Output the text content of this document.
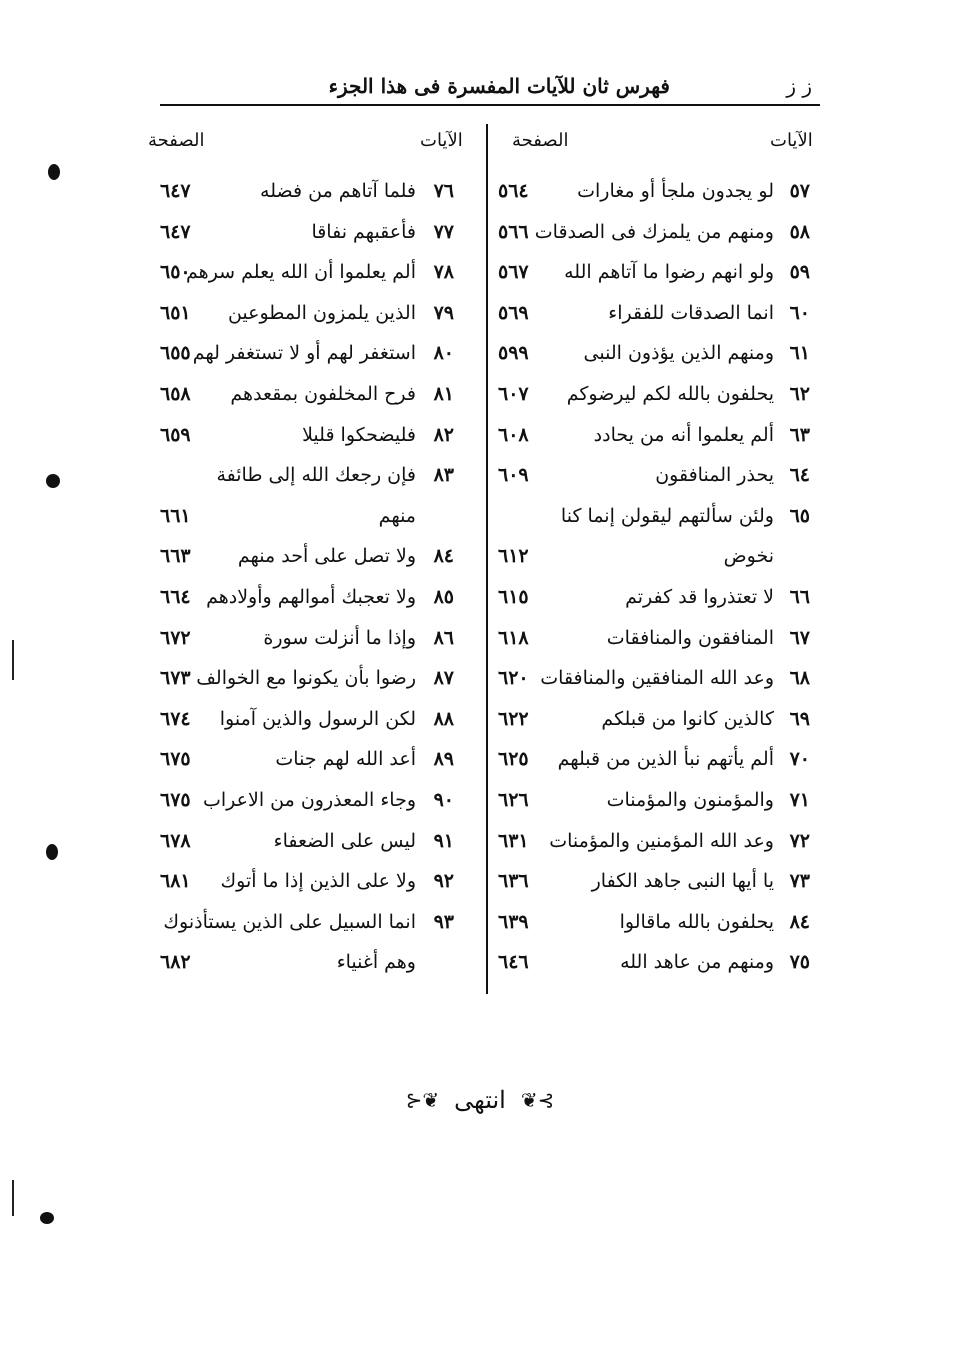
ز ز
فهرس ثان للآيات المفسرة فى هذا الجزء
الآيات
الصفحة
الآيات
الصفحة
٥٧
لو يجدون ملجأ أو مغارات
٥٦٤
٥٨
ومنهم من يلمزك فى الصدقات
٥٦٦
٥٩
ولو انهم رضوا ما آتاهم الله
٥٦٧
٦٠
انما الصدقات للفقراء
٥٦٩
٦١
ومنهم الذين يؤذون النبى
٥٩٩
٦٢
يحلفون بالله لكم ليرضوكم
٦٠٧
٦٣
ألم يعلموا أنه من يحادد
٦٠٨
٦٤
يحذر المنافقون
٦٠٩
٦٥
ولئن سألتهم ليقولن إنما كنا
نخوض
٦١٢
٦٦
لا تعتذروا قد كفرتم
٦١٥
٦٧
المنافقون والمنافقات
٦١٨
٦٨
وعد الله المنافقين والمنافقات
٦٢٠
٦٩
كالذين كانوا من قبلكم
٦٢٢
٧٠
ألم يأتهم نبأ الذين من قبلهم
٦٢٥
٧١
والمؤمنون والمؤمنات
٦٢٦
٧٢
وعد الله المؤمنين والمؤمنات
٦٣١
٧٣
يا أيها النبى جاهد الكفار
٦٣٦
٨٤
يحلفون بالله ماقالوا
٦٣٩
٧٥
ومنهم من عاهد الله
٦٤٦
٧٦
فلما آتاهم من فضله
٦٤٧
٧٧
فأعقبهم نفاقا
٦٤٧
٧٨
ألم يعلموا أن الله يعلم سرهم
٦٥٠
٧٩
الذين يلمزون المطوعين
٦٥١
٨٠
استغفر لهم أو لا تستغفر لهم
٦٥٥
٨١
فرح المخلفون بمقعدهم
٦٥٨
٨٢
فليضحكوا قليلا
٦٥٩
٨٣
فإن رجعك الله إلى طائفة
منهم
٦٦١
٨٤
ولا تصل على أحد منهم
٦٦٣
٨٥
ولا تعجبك أموالهم وأولادهم
٦٦٤
٨٦
وإذا ما أنزلت سورة
٦٧٢
٨٧
رضوا بأن يكونوا مع الخوالف
٦٧٣
٨٨
لكن الرسول والذين آمنوا
٦٧٤
٨٩
أعد الله لهم جنات
٦٧٥
٩٠
وجاء المعذرون من الاعراب
٦٧٥
٩١
ليس على الضعفاء
٦٧٨
٩٢
ولا على الذين إذا ما أتوك
٦٨١
٩٣
انما السبيل على الذين يستأذنوك
وهم أغنياء
٦٨٢
⊱❦ انتهى ❦⊰
